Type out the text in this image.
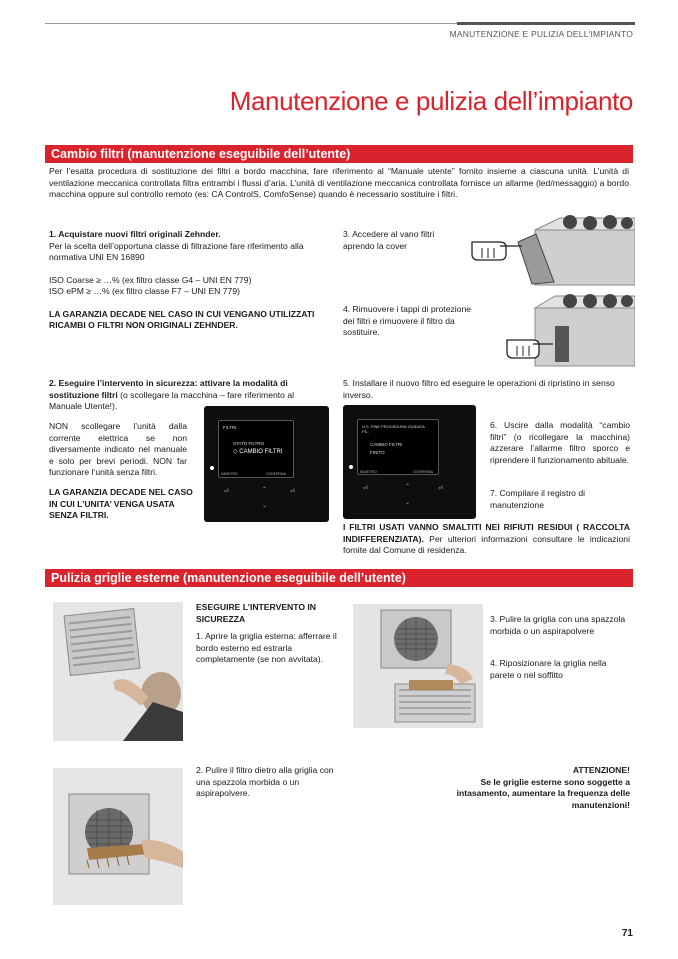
MANUTENZIONE E PULIZIA DELL'IMPIANTO
Manutenzione e pulizia dell’impianto
Cambio filtri (manutenzione eseguibile dell’utente)
Per l’esatta procedura di sostituzione dei filtri a bordo macchina, fare riferimento al “Manuale utente” fornito insieme a ciascuna unità. L’unità di ventilazione meccanica controllata filtra entrambi i flussi d’aria. L’unità di ventilazione meccanica controllata fornisce un allarme (led/messaggio) a bordo macchina oppure sul controllo remoto (es: CA ControlS, ComfoSense) quando è necessario sostituire i filtri.
1. Acquistare nuovi filtri originali Zehnder.
Per la scelta dell’opportuna classe di filtrazione fare riferimento alla normativa UNI EN 16890
ISO Coarse ≥ …% (ex filtro classe G4 – UNI EN 779)
ISO ePM ≥ …% (ex filtro classe F7 – UNI EN 779)
LA GARANZIA DECADE NEL CASO IN CUI VENGANO UTILIZZATI RICAMBI O FILTRI NON ORIGINALI ZEHNDER.
3. Accedere al vano filtri aprendo la cover
4. Rimuovere i tappi di protezione dei filtri e rimuovere il filtro da sostituire.
2. Eseguire l’intervento in sicurezza: attivare la modalità di sostituzione filtri (o scollegare la macchina – fare riferimento al Manuale Utente!).
NON scollegare l’unità dalla corrente elettrica se non diversamente indicato nel manuale e solo per brevi periodi. NON far funzionare l’unità senza filtri.
LA GARANZIA DECADE NEL CASO IN CUI L’UNITA’ VENGA USATA SENZA FILTRI.
FILTRI
STATO FILTRO
◇ CAMBIO FILTRI
INDIETRO	CONFERMA
⏎	⌃
⌄
⏎
5. Installare il nuovo filtro ed eseguire le operazioni di ripristino in senso inverso.
U.S. FINE PROCEDURA GUIDATA FIL.
CAMBIO FILTRI
FINITO
INDIETRO	CONFERMA
⏎	⌃
⌄
⏎
6. Uscire dalla modalità “cambio filtri” (o ricollegare la macchina) azzerare l’allarme filtro sporco e riprendere il funzionamento abituale.
7. Compilare il registro di manutenzione
I FILTRI USATI VANNO SMALTITI NEI RIFIUTI RESIDUI ( RACCOLTA INDIFFERENZIATA). Per ulteriori informazioni consultare le indicazioni fornite dal Comune di residenza.
Pulizia griglie esterne (manutenzione eseguibile dell’utente)
ESEGUIRE L’INTERVENTO IN SICUREZZA
1. Aprire la griglia esterna: afferrare il bordo esterno ed estrarla completamente (se non avvitata).
3. Pulire la griglia con una spazzola morbida o un aspirapolvere
4. Riposizionare la griglia nella parete o nel soffitto
2. Pulire il filtro dietro alla griglia con una spazzola morbida o un aspirapolvere.
ATTENZIONE!
Se le griglie esterne sono soggette a intasamento, aumentare la frequenza delle manutenzioni!
71
